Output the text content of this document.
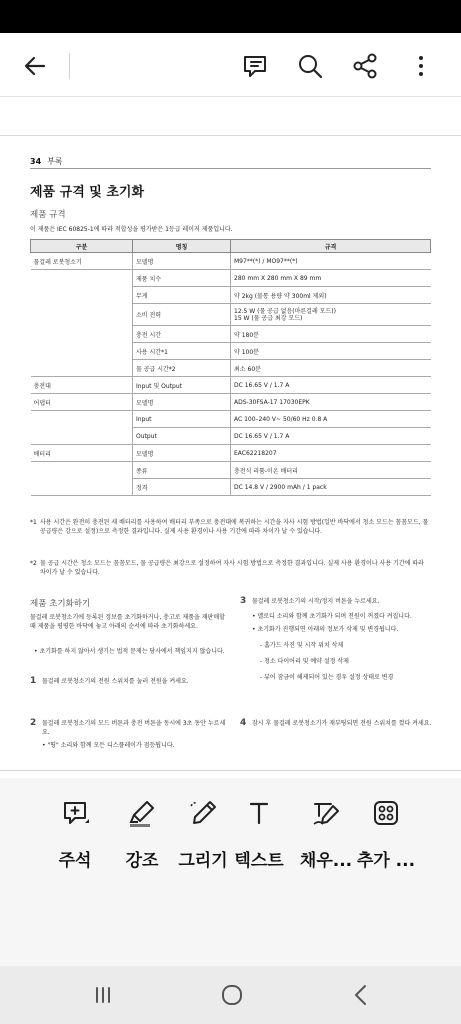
34 부록
제품 규격 및 초기화
제품 규격
이 제품은 IEC 60825-1에 따라 적합성을 평가받은 1등급 레이저 제품입니다.
구분	명칭	규격
물걸레 로봇청소기	모델명	M97**(*) / MO97**(*)
	제품 치수	280 mm X 280 mm X 89 mm
	무게	약 2kg (물통 용량 약 300ml 제외)
	소비 전력	12.5 W (물 공급 없음(마른걸레 모드))
15 W (물 공급 최강 모드)
	충전 시간	약 180분
	사용 시간*1	약 100분
	물 공급 시간*2	최소 60분
충전대	Input 및 Output	DC 16.65 V / 1.7 A
어댑터	모델명	ADS-30FSA-17 17030EPK
	Input	AC 100–240 V~ 50/60 Hz 0.8 A
	Output	DC 16.65 V / 1.7 A
배터리	모델명	EAC62218207
	종류	충전식 리튬-이온 배터리
	정격	DC 14.8 V / 2900 mAh / 1 pack
*1 사용 시간은 완전히 충전된 새 배터리를 사용하여 배터리 부족으로 충전대에 복귀하는 시간을 자사 시험 방법(일반 바닥에서 청소 모드는 꼼꼼모드, 물 공급량은 강으로 설정)으로 측정한 결과입니다. 실제 사용 환경이나 사용 기간에 따라 차이가 날 수 있습니다.
*2 물 공급 시간은 청소 모드는 꼼꼼모드, 물 공급량은 최강으로 설정하여 자사 시험 방법으로 측정한 결과입니다. 실제 사용 환경이나 사용 기간에 따라 차이가 날 수 있습니다.
제품 초기화하기
물걸레 로봇청소기에 등록된 정보를 초기화하거나, 충고로 제품을 재판매할 때 제품을 평평한 바닥에 놓고 아래의 순서에 따라 초기화하세요.
• 초기화를 하지 않아서 생기는 법적 문제는 당사에서 책임지지 않습니다.
1 물걸레 로봇청소기의 전원 스위치를 눌러 전원을 켜세요.
2 물걸레 로봇청소기의 모드 버튼과 충전 버튼을 동시에 3초 동안 누르세요.
• "띵" 소리와 함께 모든 디스플레이가 점등됩니다.
3 물걸레 로봇청소기의 시작/정지 버튼을 누르세요.
• 멜로디 소리와 함께 초기화가 되며 전원이 꺼졌다 켜집니다.
• 초기화가 진행되면 아래의 정보가 삭제 및 변경됩니다.
- 홈가드 사진 및 시작 위치 삭제
- 청소 다이어리 및 예약 설정 삭제
- 뷰어 잠금이 해제되어 있는 경우 설정 상태로 변경
4 잠시 후 물걸레 로봇청소기가 재부팅되면 전원 스위치를 껐다 켜세요.
주석	강조	그리기 텍스트 채우... 추가 ...
